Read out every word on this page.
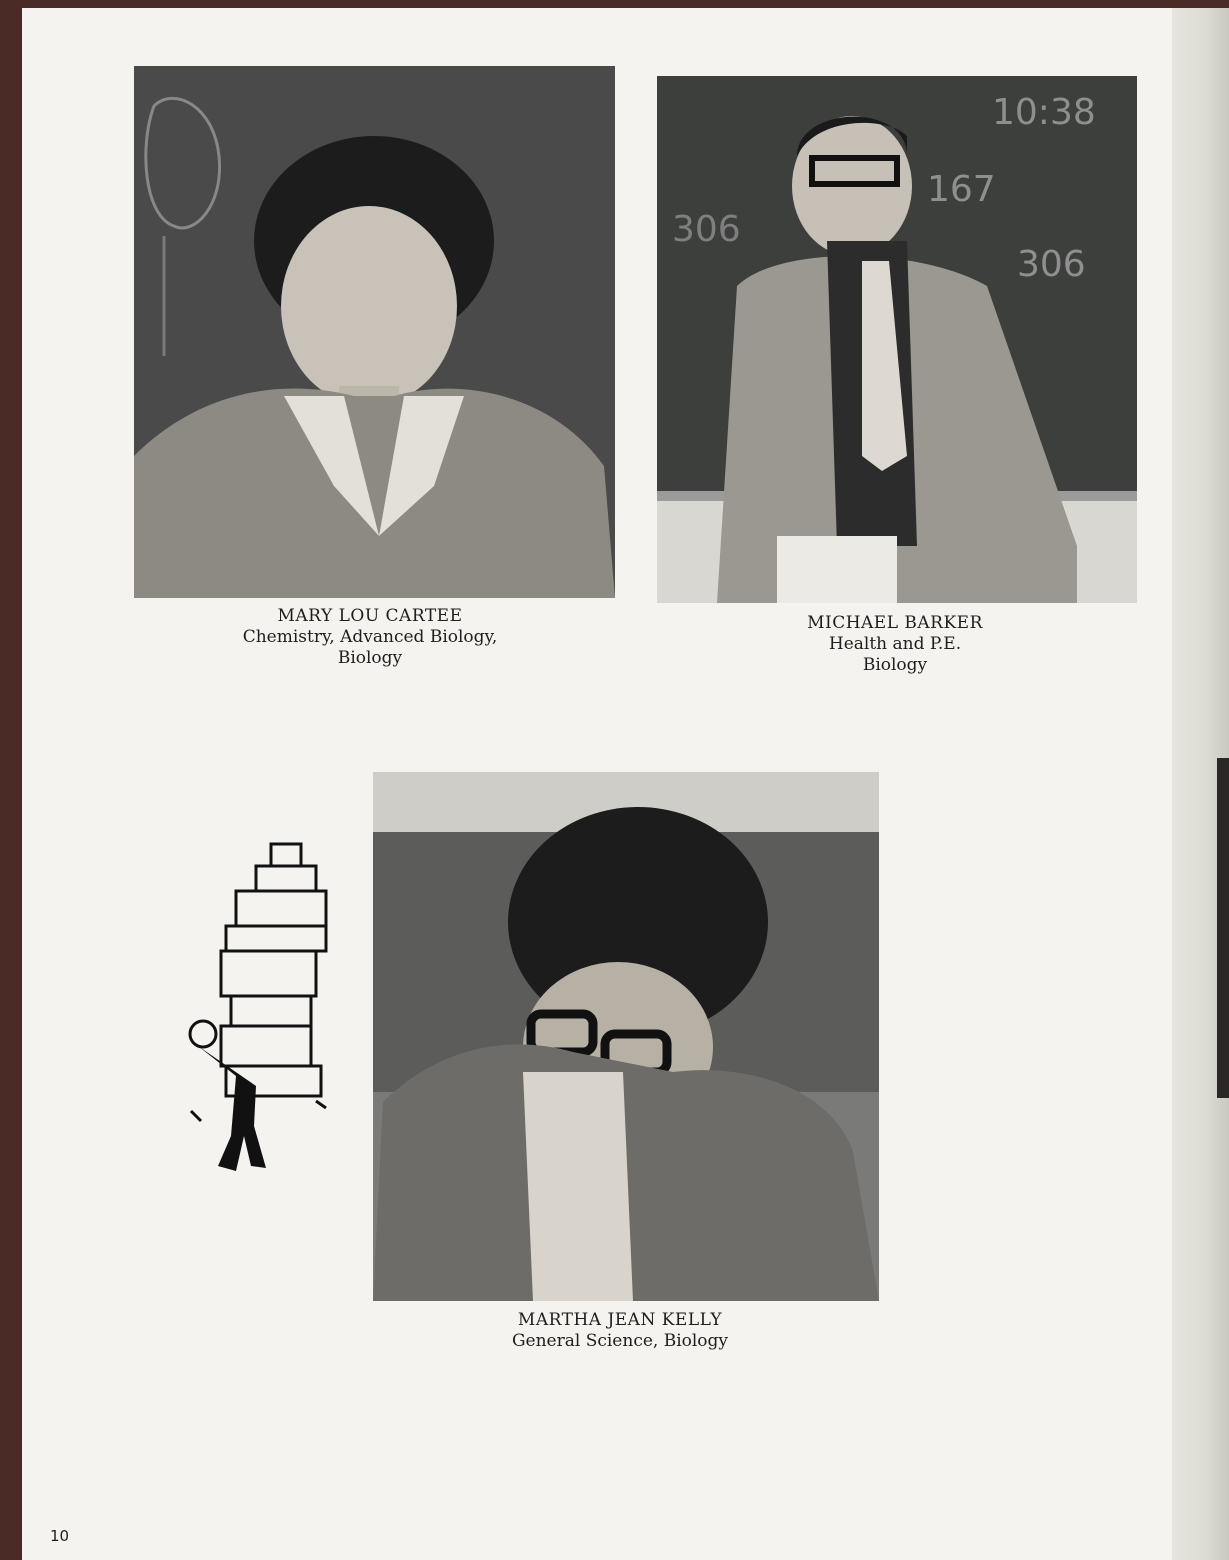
MARY LOU CARTEE
Chemistry, Advanced Biology,
Biology
10:38
167
306
306
MICHAEL BARKER
Health and P.E.
Biology
MARTHA JEAN KELLY
General Science, Biology
10
